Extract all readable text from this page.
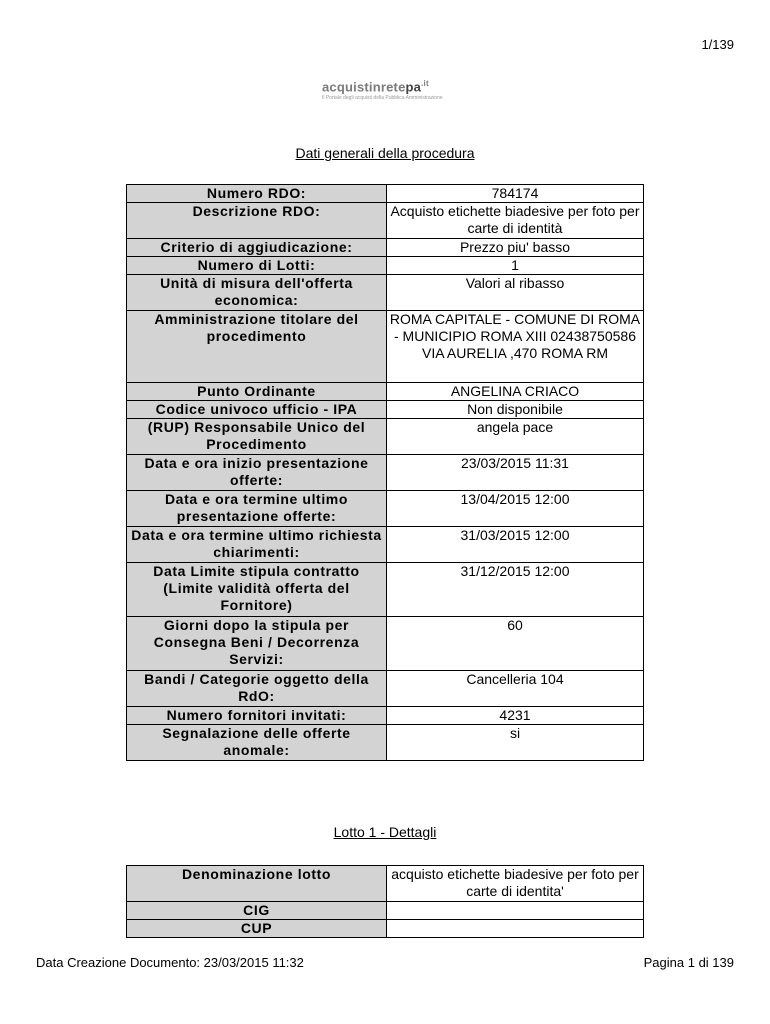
1/139
acquistinretepa$^{.it}$
Il Portale degli acquisti della Pubblica Amministrazione
Dati generali della procedura
Numero RDO:	784174
Descrizione RDO:	Acquisto etichette biadesive per foto per carte di identità
Criterio di aggiudicazione:	Prezzo piu' basso
Numero di Lotti:	1
Unità di misura dell'offerta economica:	Valori al ribasso
Amministrazione titolare del procedimento	ROMA CAPITALE - COMUNE DI ROMA - MUNICIPIO ROMA XIII 02438750586 VIA AURELIA ,470 ROMA RM
Punto Ordinante	ANGELINA CRIACO
Codice univoco ufficio - IPA	Non disponibile
(RUP) Responsabile Unico del Procedimento	angela pace
Data e ora inizio presentazione offerte:	23/03/2015 11:31
Data e ora termine ultimo presentazione offerte:	13/04/2015 12:00
Data e ora termine ultimo richiesta chiarimenti:	31/03/2015 12:00
Data Limite stipula contratto (Limite validità offerta del Fornitore)	31/12/2015 12:00
Giorni dopo la stipula per Consegna Beni / Decorrenza Servizi:	60
Bandi / Categorie oggetto della RdO:	Cancelleria 104
Numero fornitori invitati:	4231
Segnalazione delle offerte anomale:	si
Lotto 1 - Dettagli
Denominazione lotto	acquisto etichette biadesive per foto per carte di identita'
CIG	
CUP	
Data Creazione Documento: 23/03/2015 11:32	Pagina 1 di 139
